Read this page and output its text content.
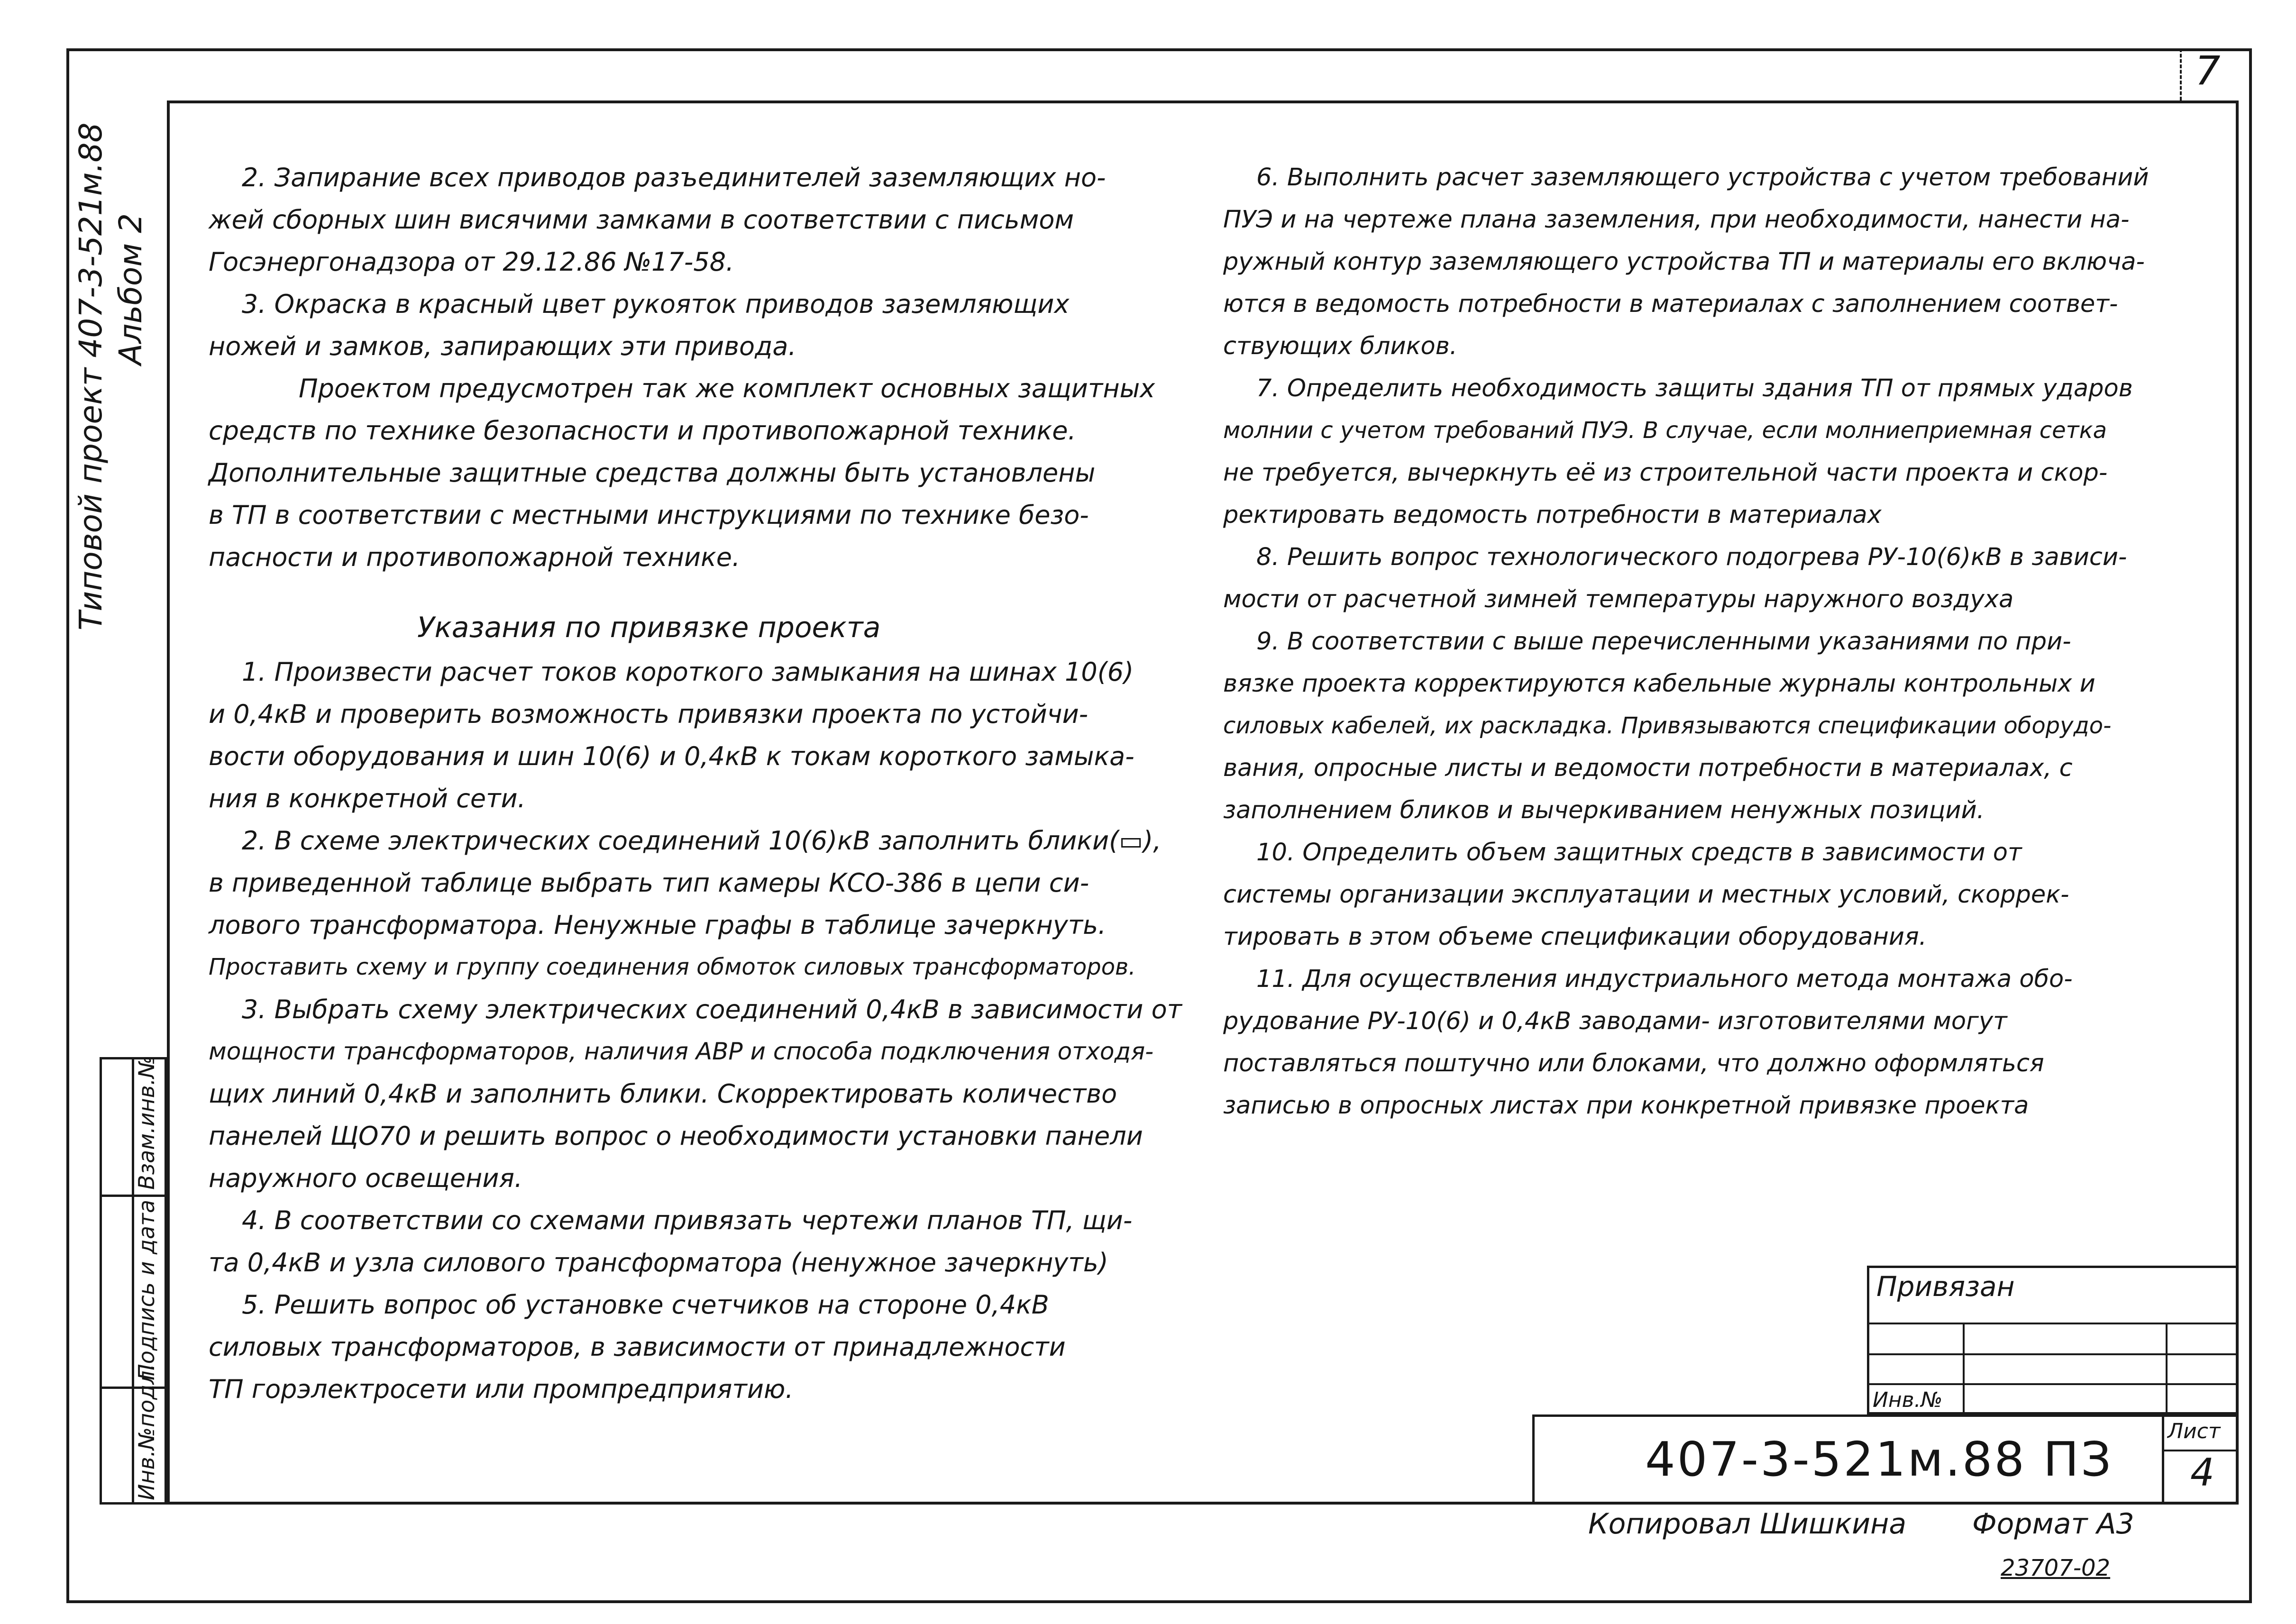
7
Типовой проект 407-3-521м.88 Альбом 2
Инв.№подл.
Подпись и дата
Взам.инв.№

2. Запирание всех приводов разъединителей заземляющих но-

жей сборных шин висячими замками в соответствии с письмом

Госэнергонадзора от 29.12.86 №17-58.

3. Окраска в красный цвет рукояток приводов заземляющих

ножей и замков, запирающих эти привода.

Проектом предусмотрен так же комплект основных защитных

средств по технике безопасности и противопожарной технике.

Дополнительные защитные средства должны быть установлены

в ТП в соответствии с местными инструкциями по технике безо-

пасности и противопожарной технике.

Указания по привязке проекта

1. Произвести расчет токов короткого замыкания на шинах 10(6)

и 0,4кВ и проверить возможность привязки проекта по устойчи-

вости оборудования и шин 10(6) и 0,4кВ к токам короткого замыка-

ния в конкретной сети.

2. В схеме электрических соединений 10(6)кВ заполнить блики(▭),

в приведенной таблице выбрать тип камеры КСО-386 в цепи си-

лового трансформатора. Ненужные графы в таблице зачеркнуть.

Проставить схему и группу соединения обмоток силовых трансформаторов.

3. Выбрать схему электрических соединений 0,4кВ в зависимости от

мощности трансформаторов, наличия АВР и способа подключения отходя-

щих линий 0,4кВ и заполнить блики. Скорректировать количество

панелей ЩО70 и решить вопрос о необходимости установки панели

наружного освещения.

4. В соответствии со схемами привязать чертежи планов ТП, щи-

та 0,4кВ и узла силового трансформатора (ненужное зачеркнуть)

5. Решить вопрос об установке счетчиков на стороне 0,4кВ

силовых трансформаторов, в зависимости от принадлежности

ТП горэлектросети или промпредприятию.

6. Выполнить расчет заземляющего устройства с учетом требований

ПУЭ и на чертеже плана заземления, при необходимости, нанести на-

ружный контур заземляющего устройства ТП и материалы его включа-

ются в ведомость потребности в материалах с заполнением соответ-

ствующих бликов.

7. Определить необходимость защиты здания ТП от прямых ударов

молнии с учетом требований ПУЭ. В случае, если молниеприемная сетка

не требуется, вычеркнуть её из строительной части проекта и скор-

ректировать ведомость потребности в материалах

8. Решить вопрос технологического подогрева РУ-10(6)кВ в зависи-

мости от расчетной зимней температуры наружного воздуха

9. В соответствии с выше перечисленными указаниями по при-

вязке проекта корректируются кабельные журналы контрольных и

силовых кабелей, их раскладка. Привязываются спецификации оборудо-

вания, опросные листы и ведомости потребности в материалах, с

заполнением бликов и вычеркиванием ненужных позиций.

10. Определить объем защитных средств в зависимости от

системы организации эксплуатации и местных условий, скоррек-

тировать в этом объеме спецификации оборудования.

11. Для осуществления индустриального метода монтажа обо-

рудование РУ-10(6) и 0,4кВ заводами- изготовителями могут

поставляться поштучно или блоками, что должно оформляться

записью в опросных листах при конкретной привязке проекта

Привязан
Инв.№
407-3-521м.88 ПЗ
Лист
4
Копировал Шишкина Формат А3
23707-02
